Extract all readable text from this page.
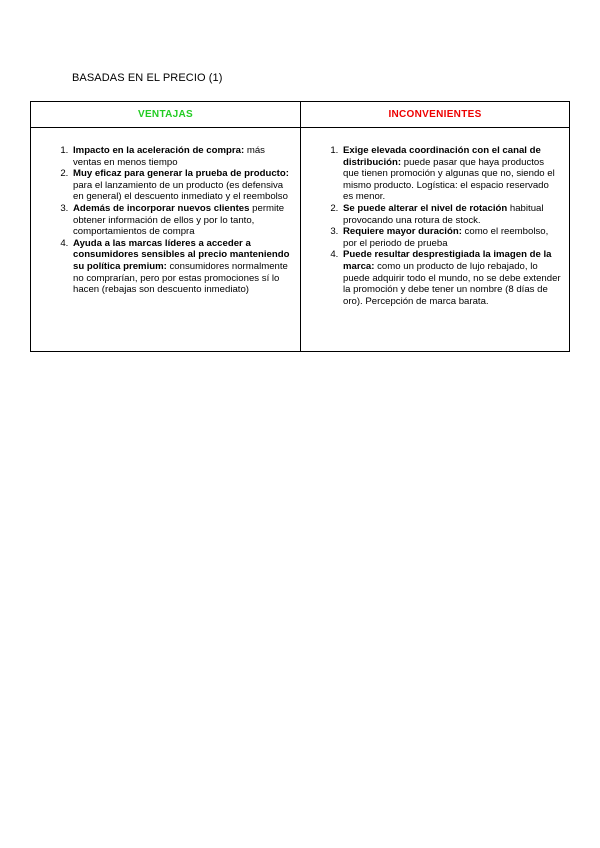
BASADAS EN EL PRECIO (1)
VENTAJAS
1. Impacto en la aceleración de compra: más ventas en menos tiempo
2. Muy eficaz para generar la prueba de producto: para el lanzamiento de un producto (es defensiva en general) el descuento inmediato y el reembolso
3. Además de incorporar nuevos clientes permite obtener información de ellos y por lo tanto, comportamientos de compra
4. Ayuda a las marcas líderes a acceder a consumidores sensibles al precio manteniendo su política premium: consumidores normalmente no comprarían, pero por estas promociones sí lo hacen (rebajas son descuento inmediato)
INCONVENIENTES
1. Exige elevada coordinación con el canal de distribución: puede pasar que haya productos que tienen promoción y algunas que no, siendo el mismo producto. Logística: el espacio reservado es menor.
2. Se puede alterar el nivel de rotación habitual provocando una rotura de stock.
3. Requiere mayor duración: como el reembolso, por el periodo de prueba
4. Puede resultar desprestigiada la imagen de la marca: como un producto de lujo rebajado, lo puede adquirir todo el mundo, no se debe extender la promoción y debe tener un nombre (8 días de oro). Percepción de marca barata.
